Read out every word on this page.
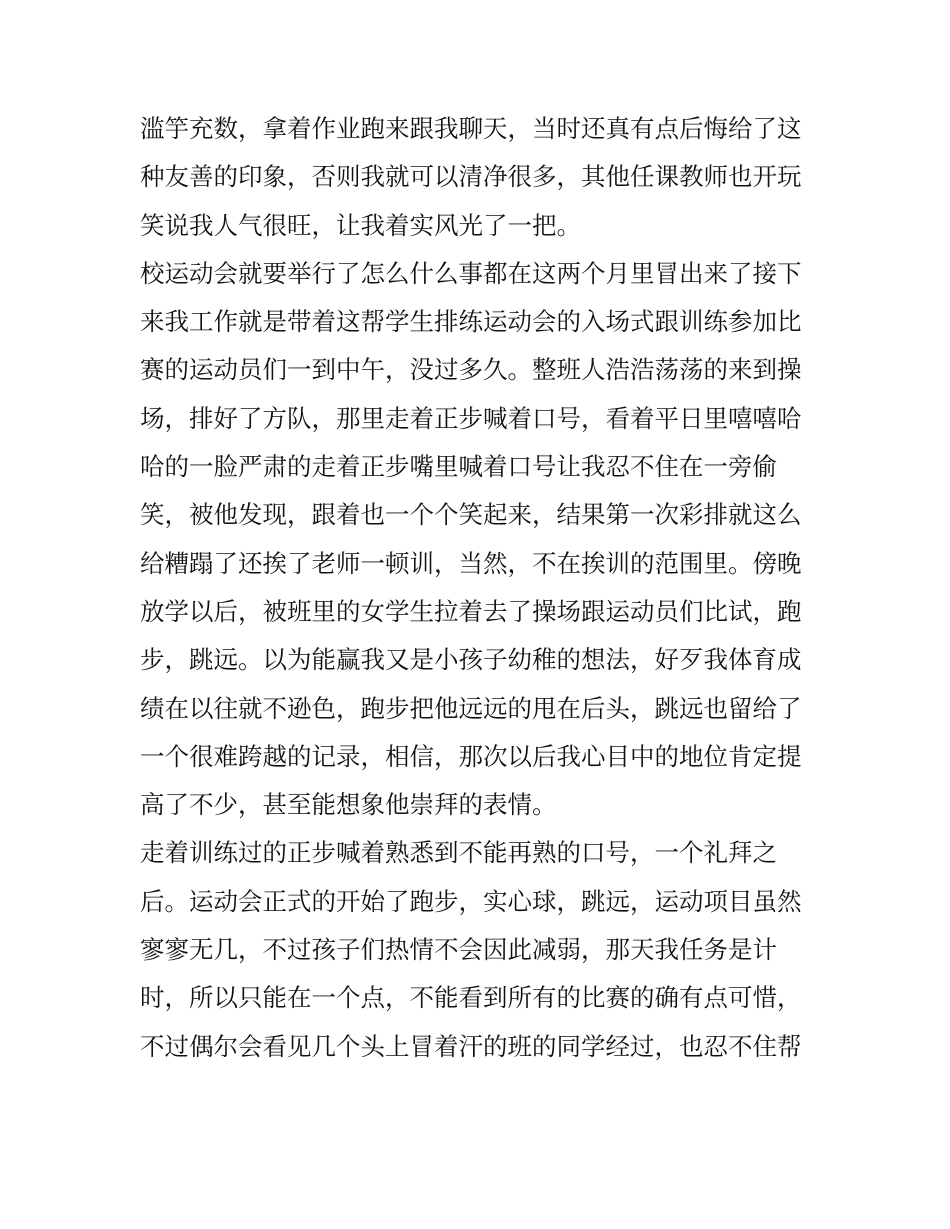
滥竽充数，拿着作业跑来跟我聊天，当时还真有点后悔给了这
种友善的印象，否则我就可以清净很多，其他任课教师也开玩
笑说我人气很旺，让我着实风光了一把。
校运动会就要举行了怎么什么事都在这两个月里冒出来了接下
来我工作就是带着这帮学生排练运动会的入场式跟训练参加比
赛的运动员们一到中午，没过多久。整班人浩浩荡荡的来到操
场，排好了方队，那里走着正步喊着口号，看着平日里嘻嘻哈
哈的一脸严肃的走着正步嘴里喊着口号让我忍不住在一旁偷
笑，被他发现，跟着也一个个笑起来，结果第一次彩排就这么
给糟蹋了还挨了老师一顿训，当然，不在挨训的范围里。傍晚
放学以后，被班里的女学生拉着去了操场跟运动员们比试，跑
步，跳远。以为能赢我又是小孩子幼稚的想法，好歹我体育成
绩在以往就不逊色，跑步把他远远的甩在后头，跳远也留给了
一个很难跨越的记录，相信，那次以后我心目中的地位肯定提
高了不少，甚至能想象他崇拜的表情。
走着训练过的正步喊着熟悉到不能再熟的口号，一个礼拜之
后。运动会正式的开始了跑步，实心球，跳远，运动项目虽然
寥寥无几，不过孩子们热情不会因此减弱，那天我任务是计
时，所以只能在一个点，不能看到所有的比赛的确有点可惜，
不过偶尔会看见几个头上冒着汗的班的同学经过，也忍不住帮
